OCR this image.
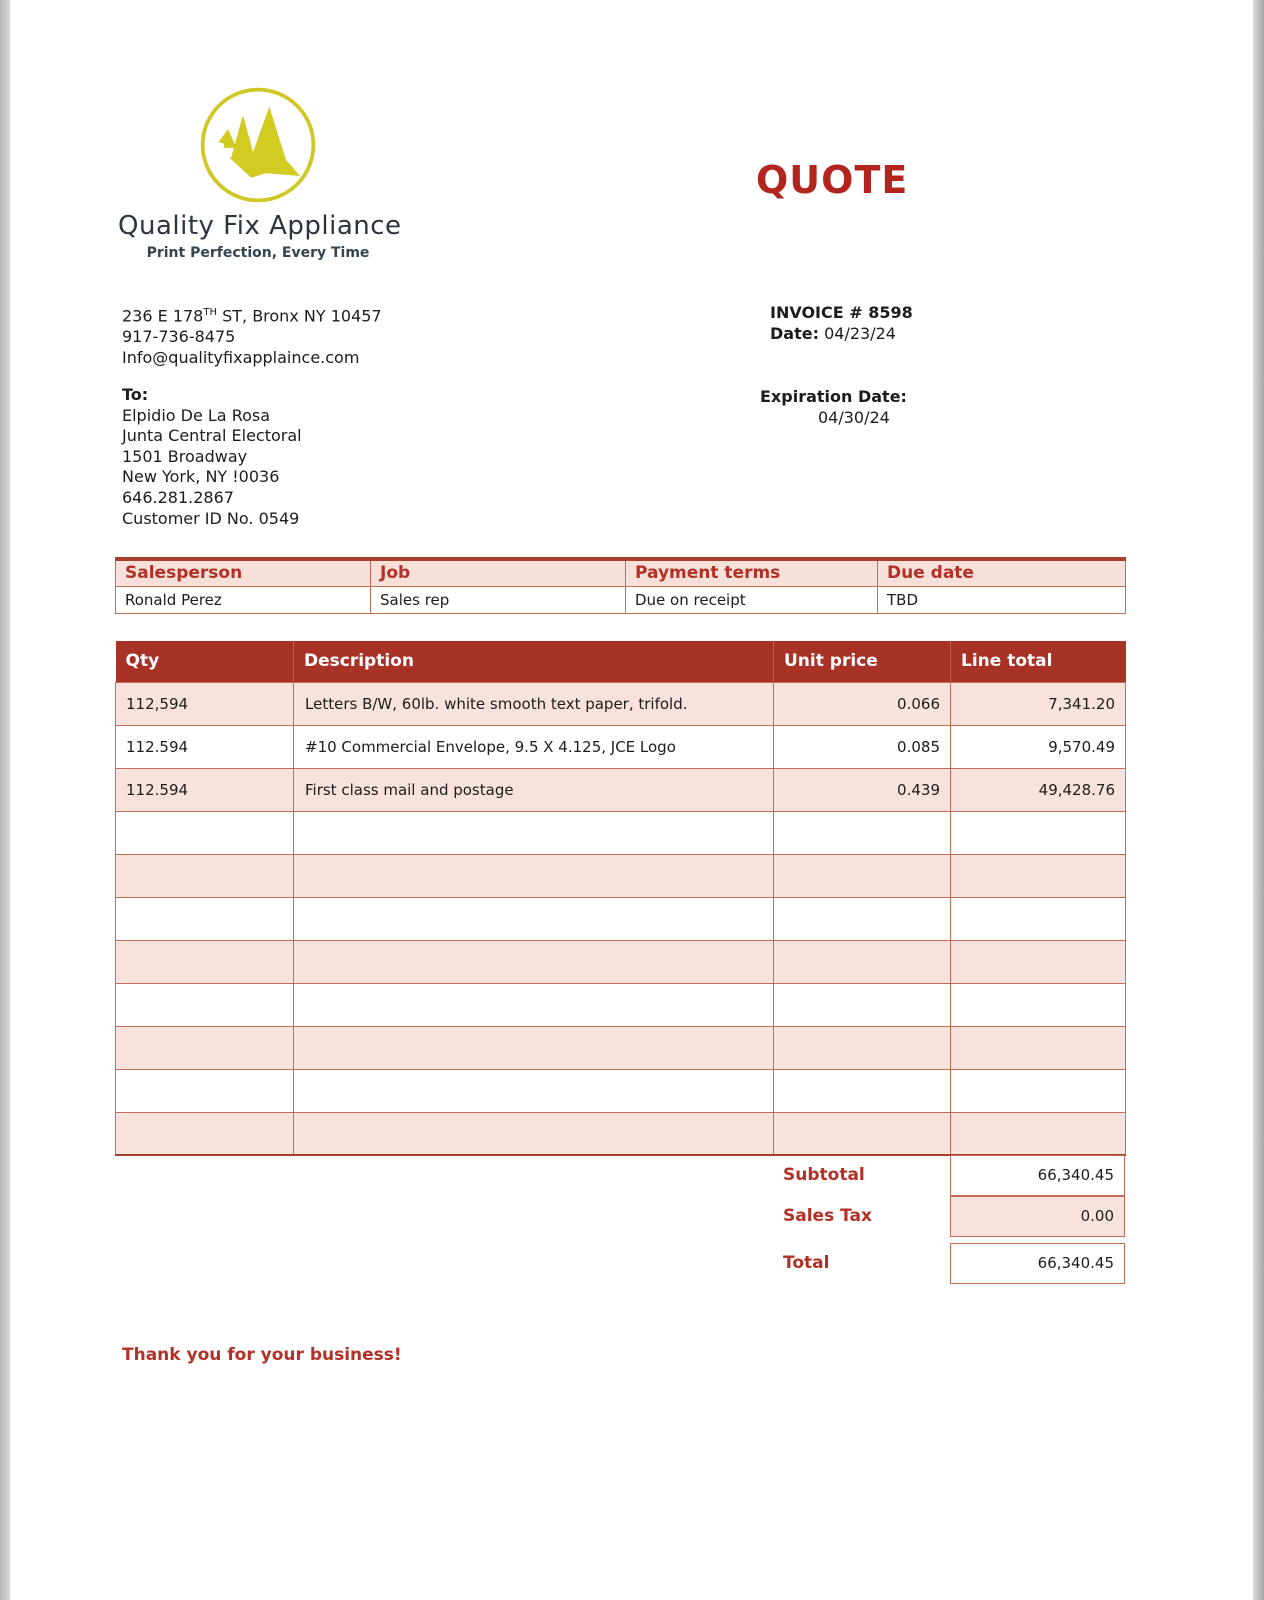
Quality Fix Appliance
Print Perfection, Every Time
QUOTE
236 E 178TH ST, Bronx NY 10457
917-736-8475
Info@qualityfixapplaince.com
INVOICE # 8598
Date: 04/23/24
To:
Elpidio De La Rosa
Junta Central Electoral
1501 Broadway
New York, NY !0036
646.281.2867
Customer ID No. 0549
Expiration Date:
04/30/24
Salesperson	Job	Payment terms	Due date
Ronald Perez	Sales rep	Due on receipt	TBD
Qty	Description	Unit price	Line total
112,594	Letters B/W, 60lb. white smooth text paper, trifold.	0.066	7,341.20
112.594	#10 Commercial Envelope, 9.5 X 4.125, JCE Logo	0.085	9,570.49
112.594	First class mail and postage	0.439	49,428.76

Subtotal	66,340.45
Sales Tax	0.00
Total	66,340.45
Thank you for your business!
